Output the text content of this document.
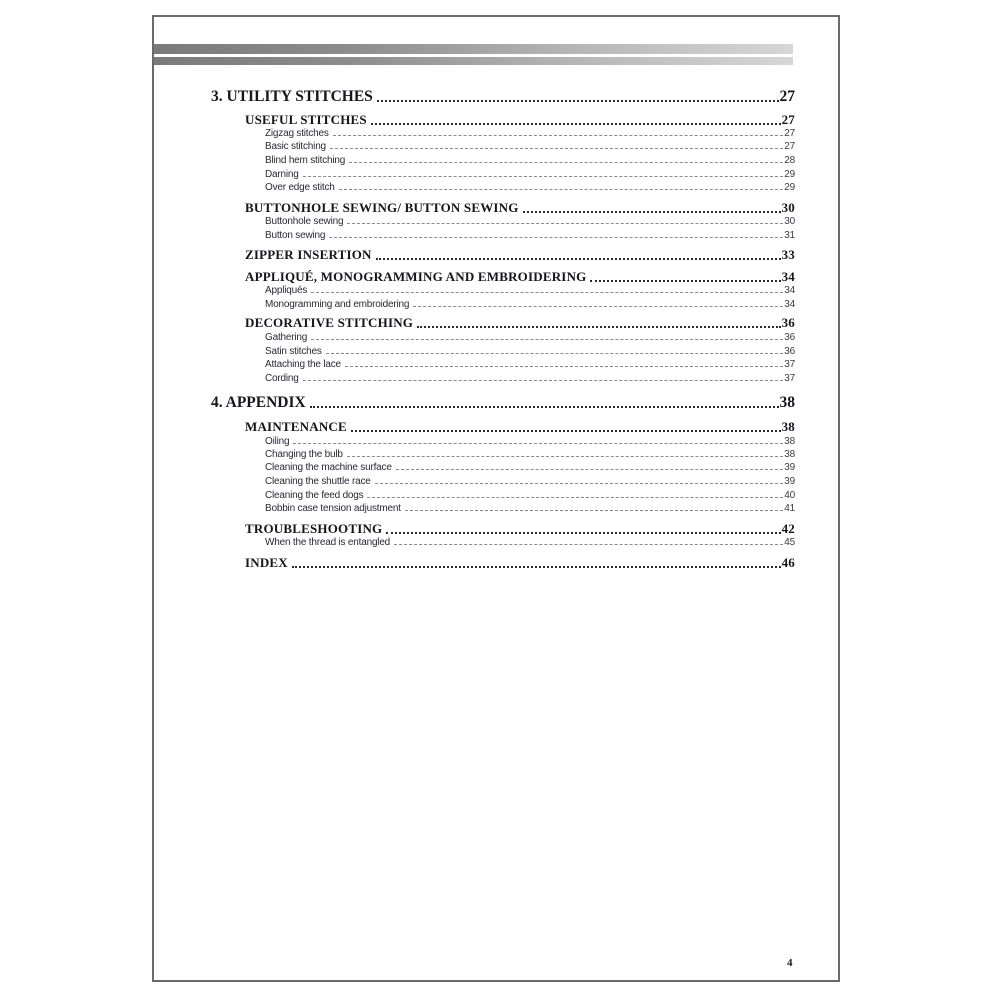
3. UTILITY STITCHES	27
USEFUL STITCHES	27
Zigzag stitches	27
Basic stitching	27
Blind hem stitching	28
Darning	29
Over edge stitch	29
BUTTONHOLE SEWING/ BUTTON SEWING	30
Buttonhole sewing	30
Button sewing	31
ZIPPER INSERTION	33
APPLIQUÉ, MONOGRAMMING AND EMBROIDERING	34
Appliqués	34
Monogramming and embroidering	34
DECORATIVE STITCHING	36
Gathering	36
Satin stitches	36
Attaching the lace	37
Cording	37
4. APPENDIX	38
MAINTENANCE	38
Oiling	38
Changing the bulb	38
Cleaning the machine surface	39
Cleaning the shuttle race	39
Cleaning the feed dogs	40
Bobbin case tension adjustment	41
TROUBLESHOOTING	42
When the thread is entangled	45
INDEX	46
4
